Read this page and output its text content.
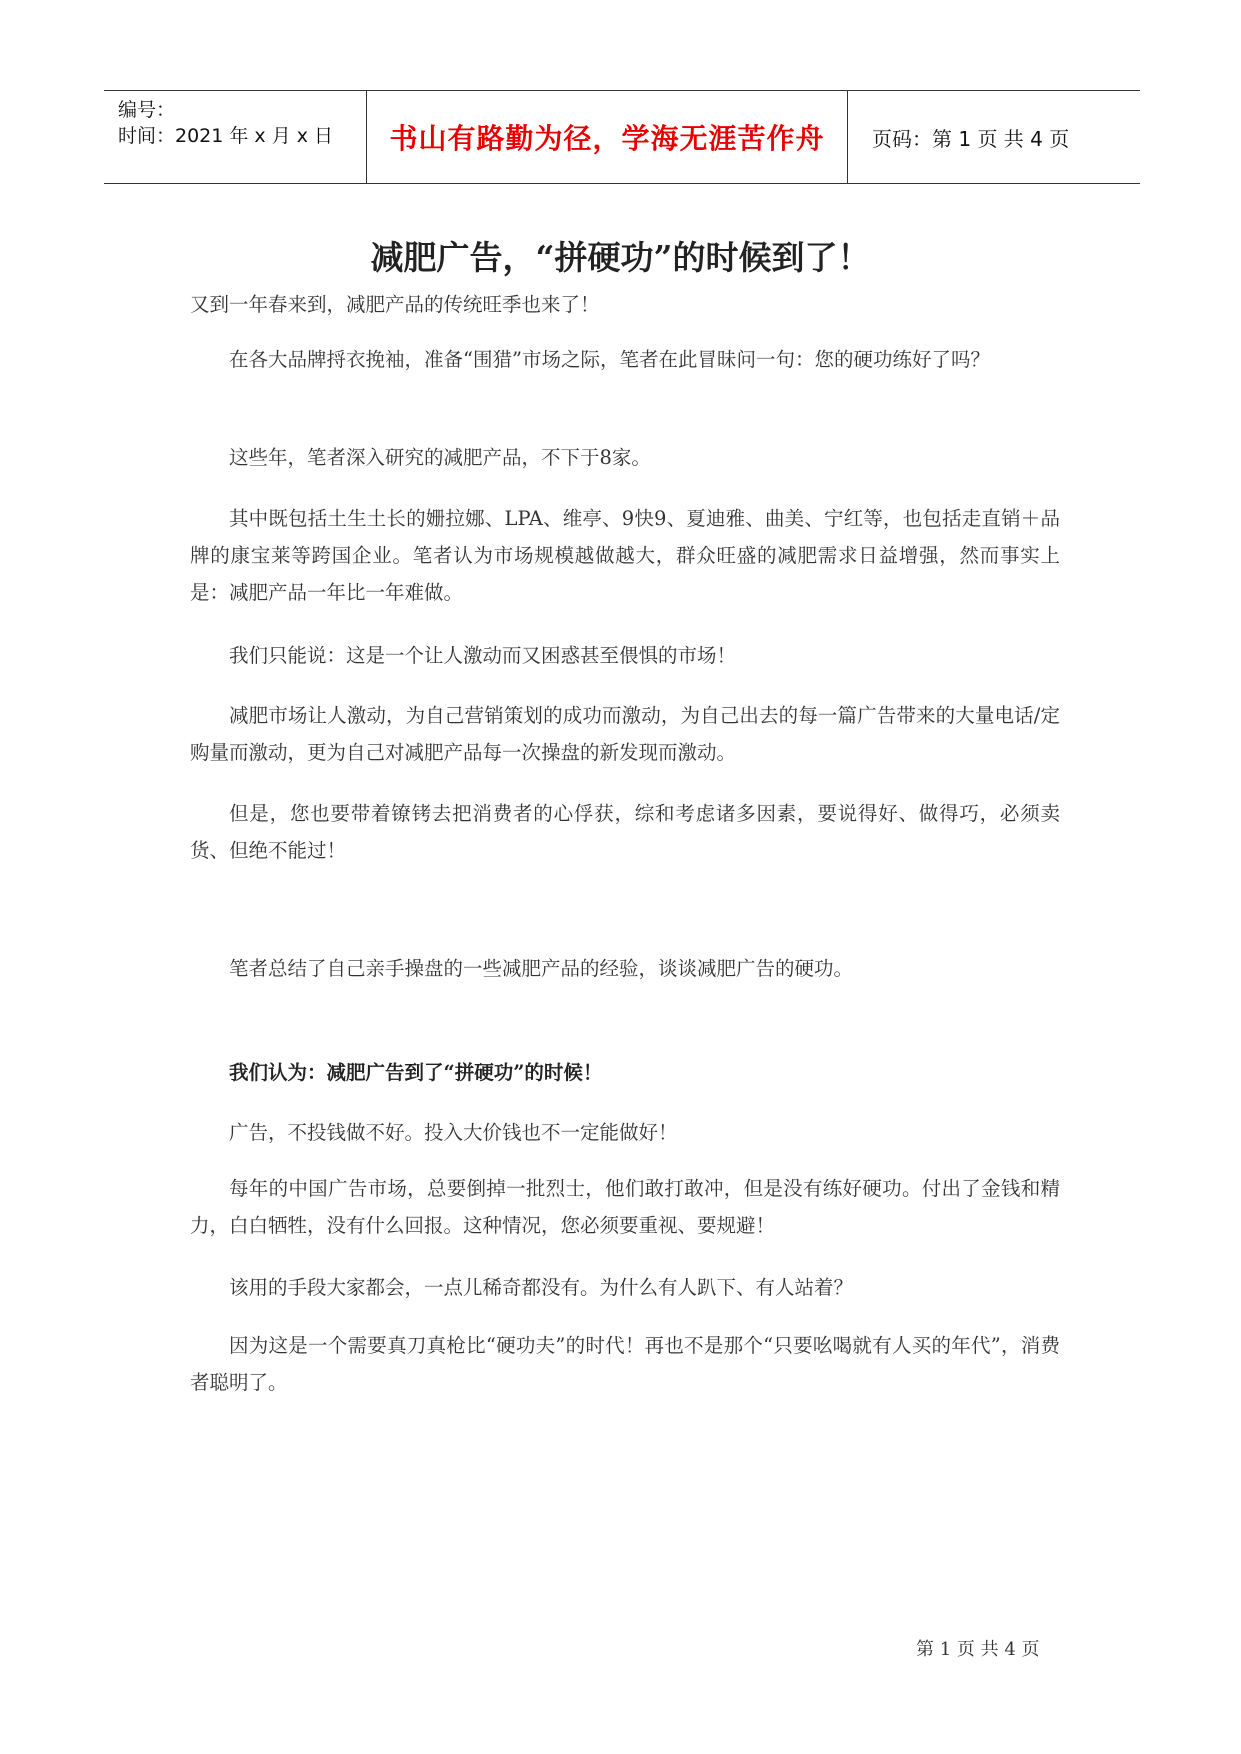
编号：
时间：2021 年 x 月 x 日 书山有路勤为径，学海无涯苦作舟 页码：第 1 页 共 4 页
减肥广告，“拼硬功”的时候到了！

又到一年春来到，减肥产品的传统旺季也来了！

在各大品牌捋衣挽袖，准备“围猎”市场之际，笔者在此冒昧问一句：您的硬功练好了吗？

这些年，笔者深入研究的减肥产品，不下于8家。

其中既包括土生土长的姗拉娜、LPA、维亭、9快9、夏迪雅、曲美、宁红等，也包括走直销＋品牌的康宝莱等跨国企业。笔者认为市场规模越做越大，群众旺盛的减肥需求日益增强，然而事实上是：减肥产品一年比一年难做。

我们只能说：这是一个让人激动而又困惑甚至偎惧的市场！

减肥市场让人激动，为自己营销策划的成功而激动，为自己出去的每一篇广告带来的大量电话/定购量而激动，更为自己对减肥产品每一次操盘的新发现而激动。

但是，您也要带着镣铐去把消费者的心俘获，综和考虑诸多因素，要说得好、做得巧，必须卖货、但绝不能过！

笔者总结了自己亲手操盘的一些减肥产品的经验，谈谈减肥广告的硬功。

我们认为：减肥广告到了“拼硬功”的时候！

广告，不投钱做不好。投入大价钱也不一定能做好！

每年的中国广告市场，总要倒掉一批烈士，他们敢打敢冲，但是没有练好硬功。付出了金钱和精力，白白牺牲，没有什么回报。这种情况，您必须要重视、要规避！

该用的手段大家都会，一点儿稀奇都没有。为什么有人趴下、有人站着？

因为这是一个需要真刀真枪比“硬功夫”的时代！再也不是那个“只要吆喝就有人买的年代”，消费者聪明了。

第 1 页 共 4 页
